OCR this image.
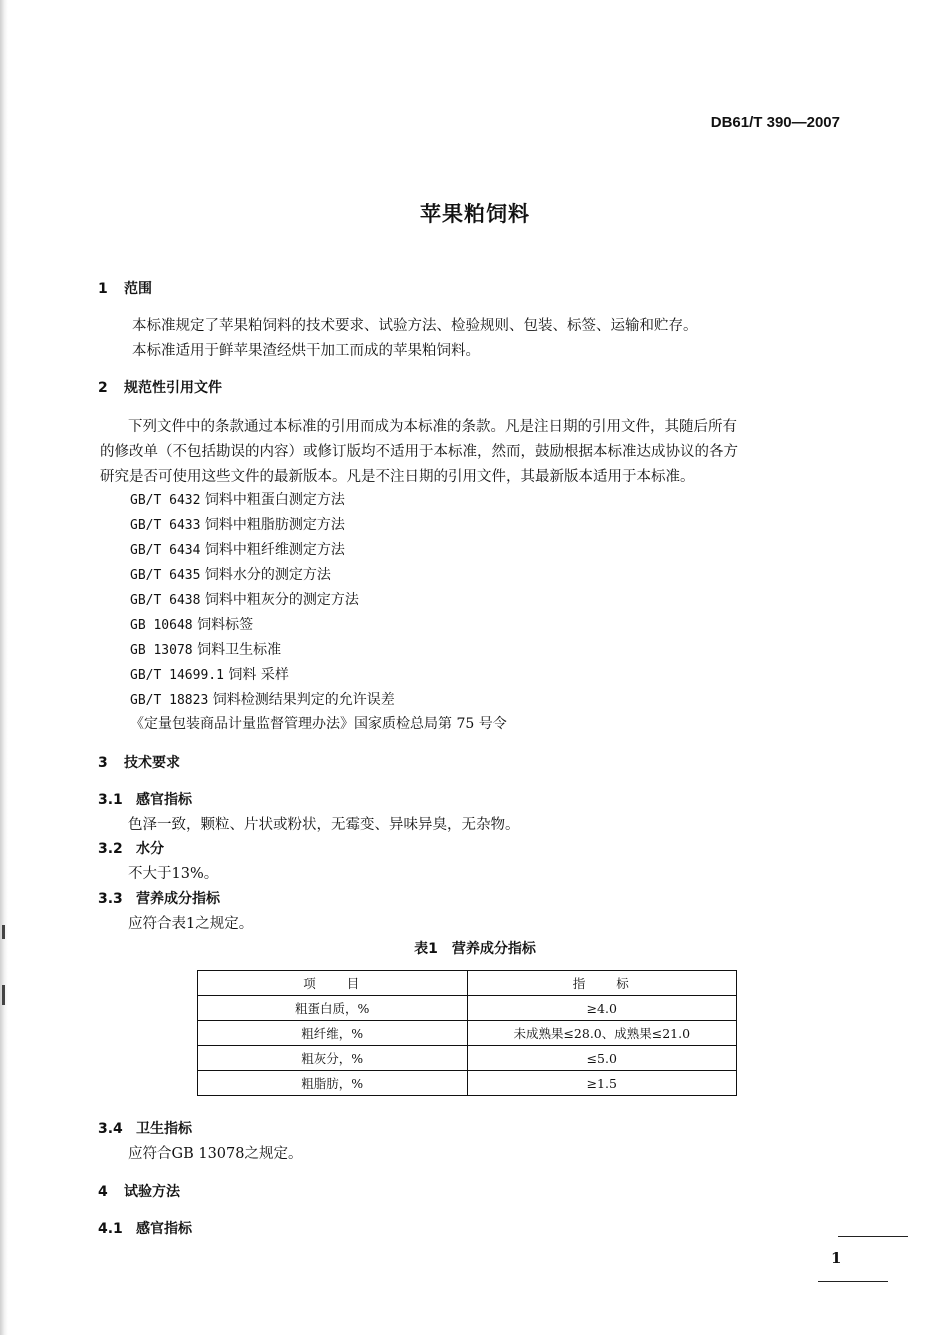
DB61/T 390—2007
苹果粕饲料
1 范围
本标准规定了苹果粕饲料的技术要求、试验方法、检验规则、包装、标签、运输和贮存。
本标准适用于鲜苹果渣经烘干加工而成的苹果粕饲料。
2 规范性引用文件
下列文件中的条款通过本标准的引用而成为本标准的条款。凡是注日期的引用文件，其随后所有
的修改单（不包括勘误的内容）或修订版均不适用于本标准，然而，鼓励根据本标准达成协议的各方
研究是否可使用这些文件的最新版本。凡是不注日期的引用文件，其最新版本适用于本标准。
GB/T 6432 饲料中粗蛋白测定方法
GB/T 6433 饲料中粗脂肪测定方法
GB/T 6434 饲料中粗纤维测定方法
GB/T 6435 饲料水分的测定方法
GB/T 6438 饲料中粗灰分的测定方法
GB 10648 饲料标签
GB 13078 饲料卫生标准
GB/T 14699.1 饲料 采样
GB/T 18823 饲料检测结果判定的允许误差
《定量包装商品计量监督管理办法》国家质检总局第 75 号令
3 技术要求
3.1 感官指标
色泽一致，颗粒、片状或粉状，无霉变、异味异臭，无杂物。
3.2 水分
不大于13%。
3.3 营养成分指标
应符合表1之规定。
表1　营养成分指标
项　　目	指　　标
粗蛋白质，%	≥4.0
粗纤维，%	未成熟果≤28.0、成熟果≤21.0
粗灰分，%	≤5.0
粗脂肪，%	≥1.5
3.4 卫生指标
应符合GB 13078之规定。
4 试验方法
4.1 感官指标
1
